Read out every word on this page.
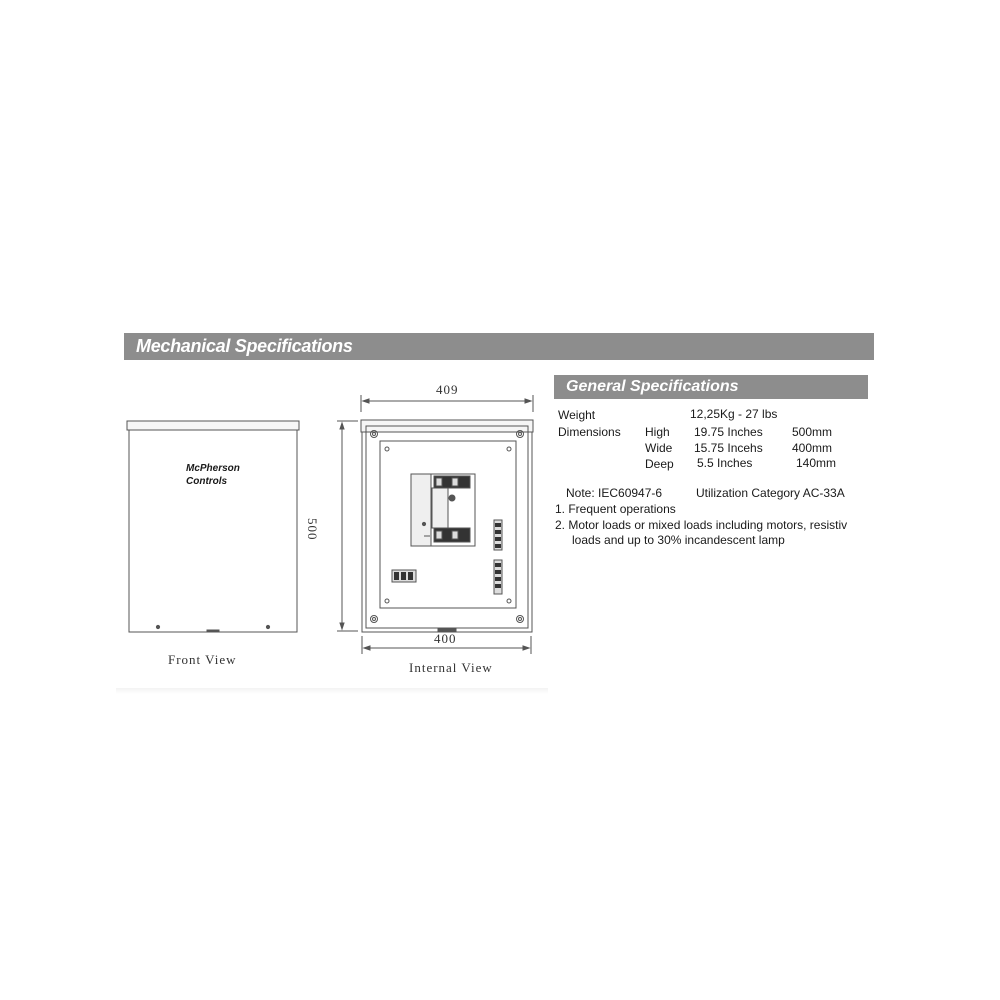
Mechanical Specifications
McPherson
Controls
Front View
409
500
400
Internal View
General Specifications
Weight	12,25Kg - 27 lbs
Dimensions High 19.75 Inches 500mm
Wide 15.75 Incehs 400mm
Deep 5.5 Inches	140mm
Note: IEC60947-6	Utilization Category AC-33A
1. Frequent operations
2. Motor loads or mixed loads including motors, resistiv
loads and up to 30% incandescent lamp
